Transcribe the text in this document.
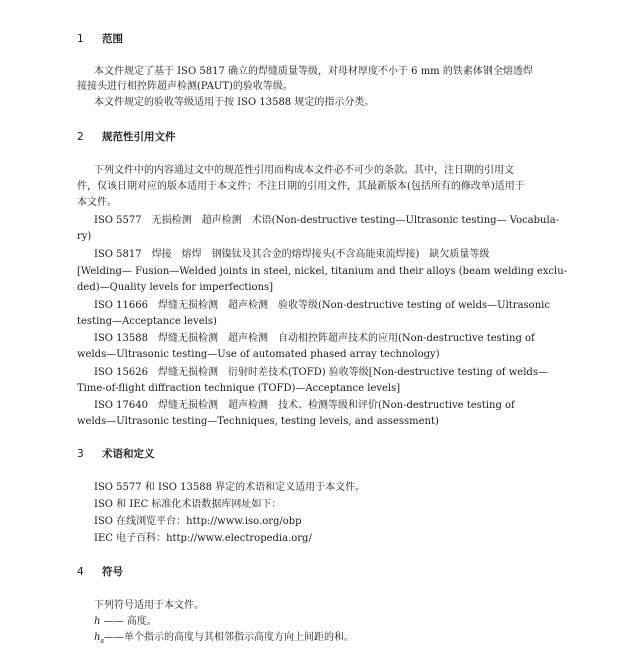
1 范围
本文件规定了基于 ISO 5817 确立的焊缝质量等级，对母材厚度不小于 6 mm 的铁素体钢全熔透焊
接接头进行相控阵超声检测(PAUT)的验收等级。
本文件规定的验收等级适用于按 ISO 13588 规定的指示分类。
2 规范性引用文件
下列文件中的内容通过文中的规范性引用而构成本文件必不可少的条款。其中，注日期的引用文
件，仅该日期对应的版本适用于本文件；不注日期的引用文件，其最新版本(包括所有的修改单)适用于
本文件。
ISO 5577　无损检测　超声检测　术语(Non-destructive testing—Ultrasonic testing— Vocabula-
ry)
ISO 5817　焊接　熔焊　钢镍钛及其合金的熔焊接头(不含高能束流焊接)　缺欠质量等级
[Welding— Fusion—Welded joints in steel, nickel, titanium and their alloys (beam welding exclu-
ded)—Quality levels for imperfections]
ISO 11666　焊缝无损检测　超声检测　验收等级(Non-destructive testing of welds—Ultrasonic
testing—Acceptance levels)
ISO 13588　焊缝无损检测　超声检测　自动相控阵超声技术的应用(Non-destructive testing of
welds—Ultrasonic testing—Use of automated phased array technology)
ISO 15626　焊缝无损检测　衍射时差技术(TOFD) 验收等级[Non-destructive testing of welds—
Time-of-flight diffraction technique (TOFD)—Acceptance levels]
ISO 17640　焊缝无损检测　超声检测　技术、检测等级和评价(Non-destructive testing of
welds—Ultrasonic testing—Techniques, testing levels, and assessment)
3 术语和定义
ISO 5577 和 ISO 13588 界定的术语和定义适用于本文件。
ISO 和 IEC 标准化术语数据库网址如下：
ISO 在线浏览平台：http://www.iso.org/obp
IEC 电子百科：http://www.electropedia.org/
4 符号
下列符号适用于本文件。
h —— 高度。
$h_s——$单个指示的高度与其相邻指示高度方向上间距的和。
